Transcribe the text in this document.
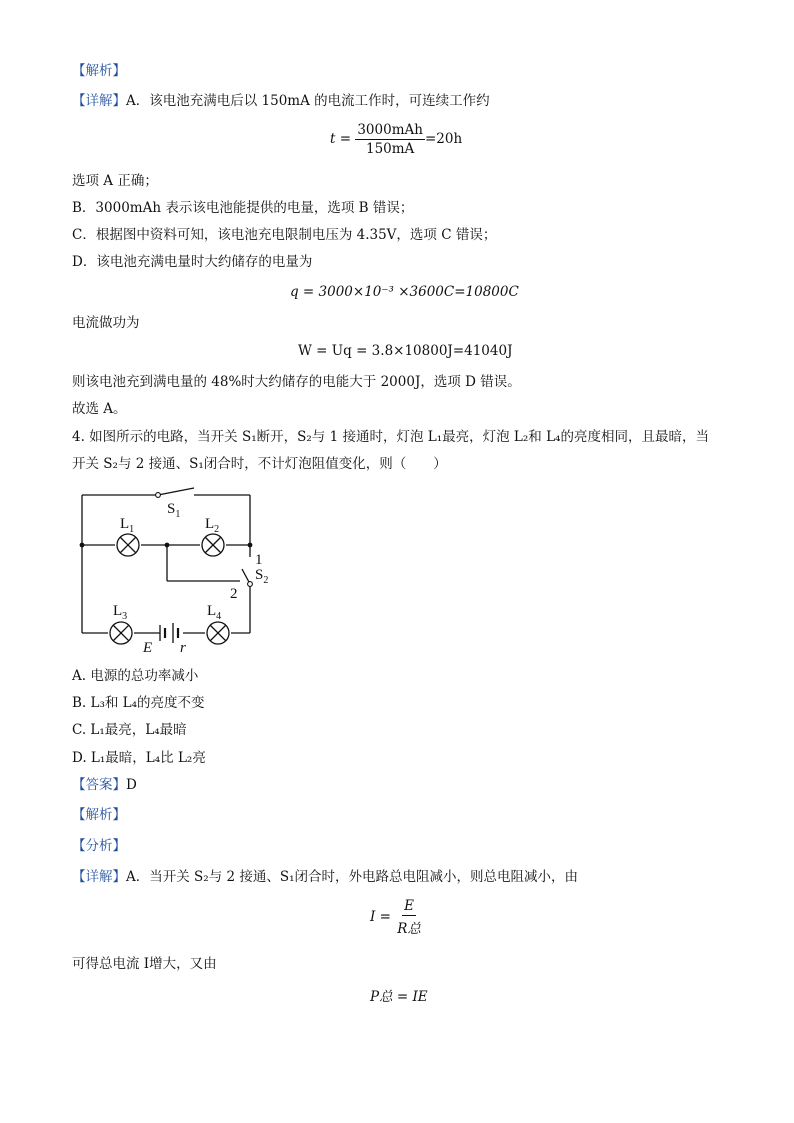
【解析】
【详解】A．该电池充满电后以 150mA 的电流工作时，可连续工作约
$t = \frac{\text{3000mAh}}{150mA} =20h$
选项 A 正确；
B．3000mAh 表示该电池能提供的电量，选项 B 错误；
C．根据图中资料可知，该电池充电限制电压为 4.35V，选项 C 错误；
D．该电池充满电量时大约储存的电量为
q = 3000×10⁻³ ×3600C=10800C
电流做功为
W = Uq = 3.8×10800J=41040J
则该电池充到满电量的 48%时大约储存的电能大于 2000J，选项 D 错误。
故选 A。
4. 如图所示的电路，当开关 S₁断开，S₂与 1 接通时，灯泡 L₁最亮，灯泡 L₂和 L₄的亮度相同，且最暗，当
开关 S₂与 2 接通、S₁闭合时，不计灯泡阻值变化，则（　　）
$S_1$
$L_1$	$L_2$
$L_3$	$L_4$
$S_2$
1
2
E r
A. 电源的总功率减小
B. L₃和 L₄的亮度不变
C. L₁最亮，L₄最暗
D. L₁最暗，L₄比 L₂亮
【答案】D
【解析】
【分析】
【详解】A．当开关 S₂与 2 接通、S₁闭合时，外电路总电阻减小，则总电阻减小，由
$I = \frac{E}{\text{R总}}$
可得总电流 I增大，又由
P总 = IE
